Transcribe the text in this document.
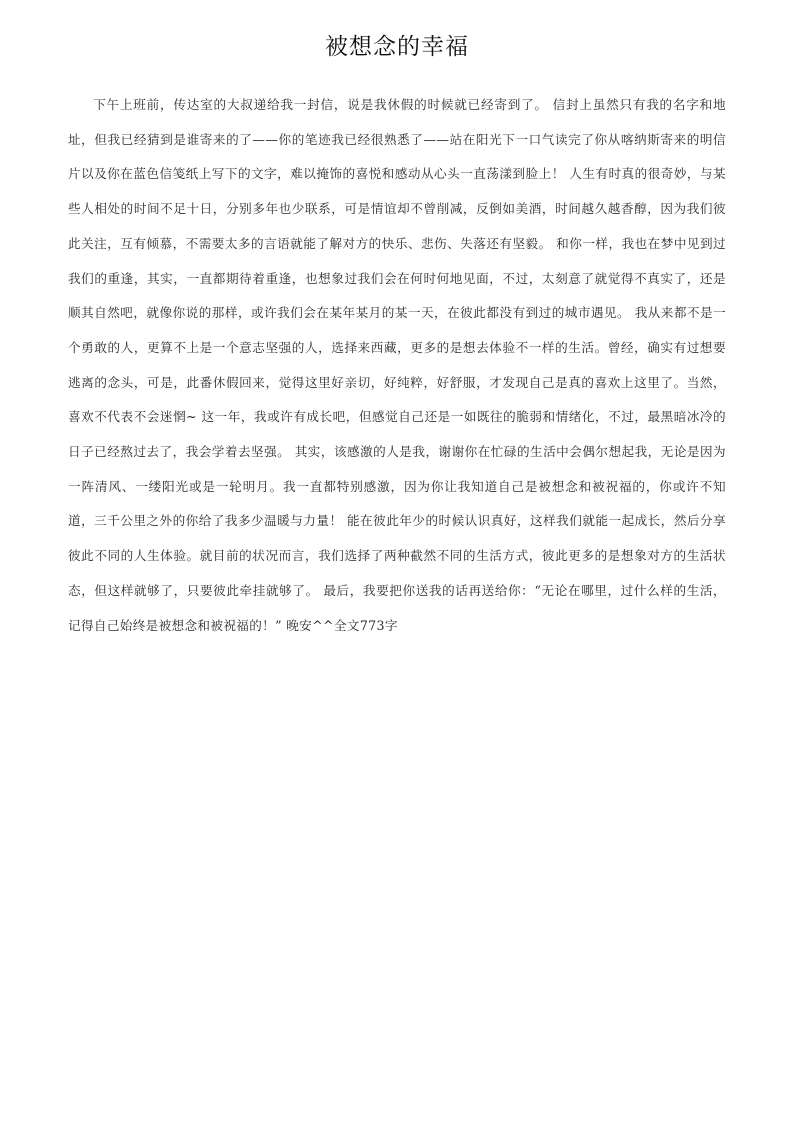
被想念的幸福

下午上班前，传达室的大叔递给我一封信，说是我休假的时候就已经寄到了。 信封上虽然只有我的名字和地址，但我已经猜到是谁寄来的了——你的笔迹我已经很熟悉了——站在阳光下一口气读完了你从喀纳斯寄来的明信片以及你在蓝色信笺纸上写下的文字，难以掩饰的喜悦和感动从心头一直荡漾到脸上！ 人生有时真的很奇妙，与某些人相处的时间不足十日，分别多年也少联系，可是情谊却不曾削减，反倒如美酒，时间越久越香醇，因为我们彼此关注，互有倾慕，不需要太多的言语就能了解对方的快乐、悲伤、失落还有坚毅。 和你一样，我也在梦中见到过我们的重逢，其实，一直都期待着重逢，也想象过我们会在何时何地见面，不过，太刻意了就觉得不真实了，还是顺其自然吧，就像你说的那样，或许我们会在某年某月的某一天，在彼此都没有到过的城市遇见。 我从来都不是一个勇敢的人，更算不上是一个意志坚强的人，选择来西藏，更多的是想去体验不一样的生活。曾经，确实有过想要逃离的念头，可是，此番休假回来，觉得这里好亲切，好纯粹，好舒服，才发现自己是真的喜欢上这里了。当然，喜欢不代表不会迷惘~ 这一年，我或许有成长吧，但感觉自己还是一如既往的脆弱和情绪化，不过，最黑暗冰冷的日子已经熬过去了，我会学着去坚强。 其实，该感激的人是我，谢谢你在忙碌的生活中会偶尔想起我，无论是因为一阵清风、一缕阳光或是一轮明月。我一直都特别感激，因为你让我知道自己是被想念和被祝福的，你或许不知道，三千公里之外的你给了我多少温暖与力量！ 能在彼此年少的时候认识真好，这样我们就能一起成长，然后分享彼此不同的人生体验。就目前的状况而言，我们选择了两种截然不同的生活方式，彼此更多的是想象对方的生活状态，但这样就够了，只要彼此牵挂就够了。 最后，我要把你送我的话再送给你：“无论在哪里，过什么样的生活，记得自己始终是被想念和被祝福的！” 晚安^^全文773字
